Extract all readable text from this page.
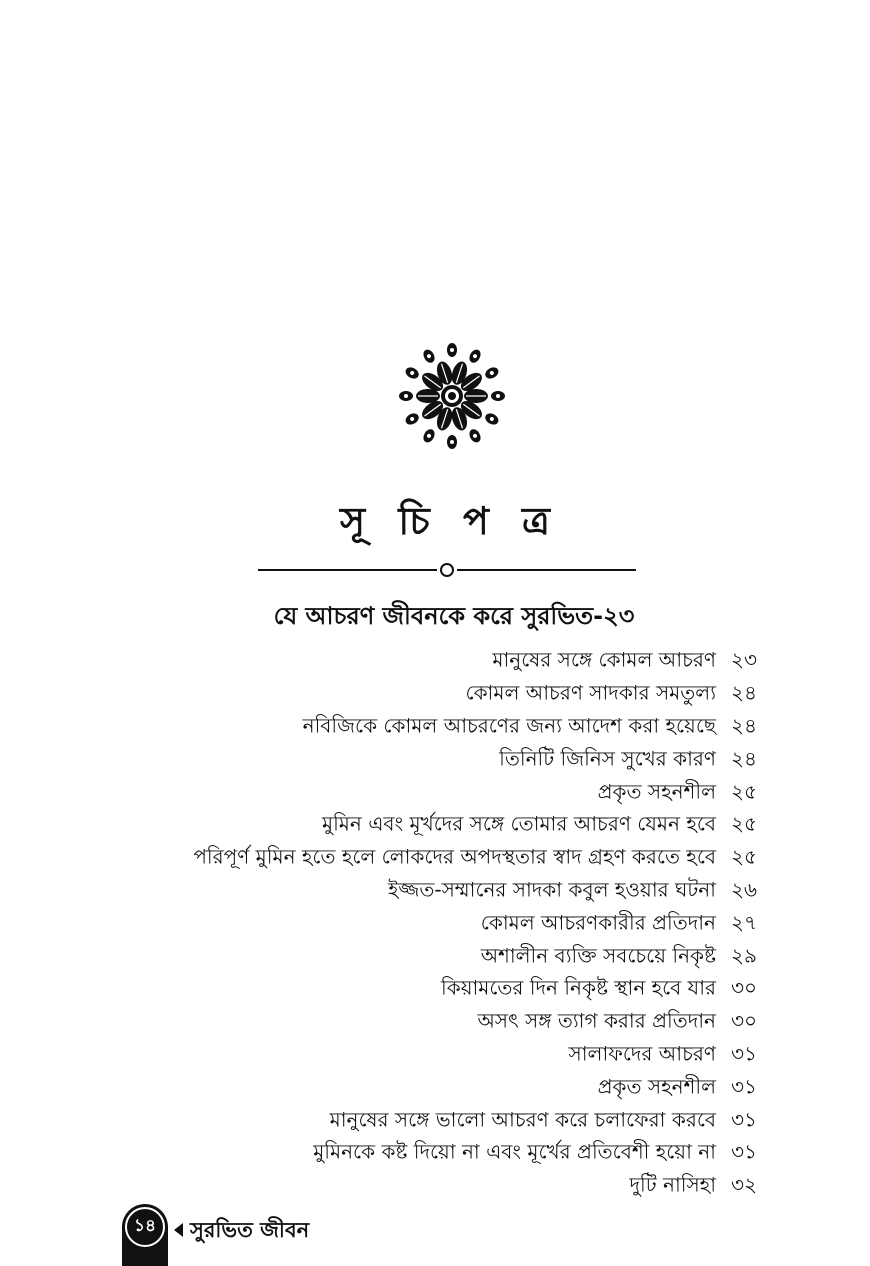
সূ চি প ত্র
যে আচরণ জীবনকে করে সুরভিত-২৩
মানুষের সঙ্গে কোমল আচরণ ২৩
কোমল আচরণ সাদকার সমতুল্য ২৪
নবিজিকে কোমল আচরণের জন্য আদেশ করা হয়েছে ২৪
তিনিটি জিনিস সুখের কারণ ২৪
প্রকৃত সহনশীল ২৫
মুমিন এবং মূর্খদের সঙ্গে তোমার আচরণ যেমন হবে ২৫
পরিপূর্ণ মুমিন হতে হলে লোকদের অপদস্থতার স্বাদ গ্রহণ করতে হবে ২৫
ইজ্জত-সম্মানের সাদকা কবুল হওয়ার ঘটনা ২৬
কোমল আচরণকারীর প্রতিদান ২৭
অশালীন ব্যক্তি সবচেয়ে নিকৃষ্ট ২৯
কিয়ামতের দিন নিকৃষ্ট স্থান হবে যার ৩০
অসৎ সঙ্গ ত্যাগ করার প্রতিদান ৩০
সালাফদের আচরণ ৩১
প্রকৃত সহনশীল ৩১
মানুষের সঙ্গে ভালো আচরণ করে চলাফেরা করবে ৩১
মুমিনকে কষ্ট দিয়ো না এবং মূর্খের প্রতিবেশী হয়ো না ৩১
দুটি নাসিহা ৩২
১৪	সুরভিত জীবন
